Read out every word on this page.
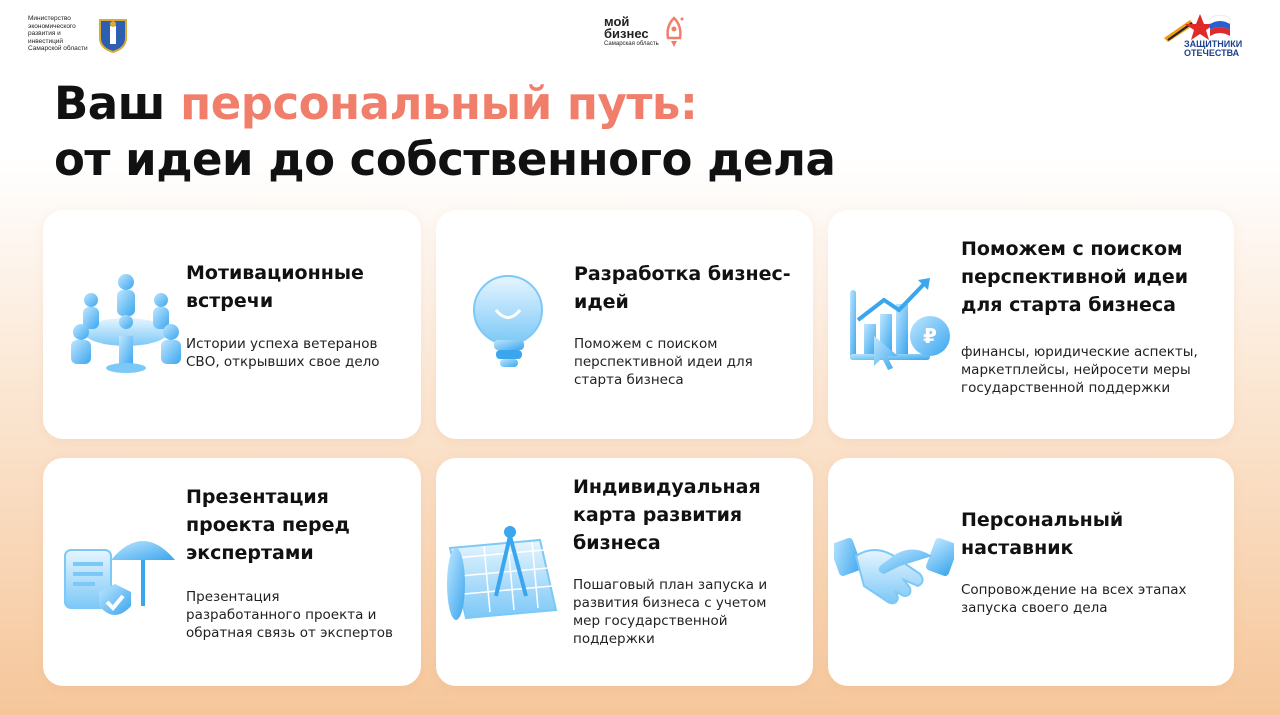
Министерство экономического развития и инвестиций Самарской области
мой
бизнес
Самарская область	ЗАЩИТНИКИ
ОТЕЧЕСТВА
Ваш персональный путь:
от идеи до собственного дела
Мотивационные встречи

Истории успеха ветеранов СВО, открывших свое дело

Разработка бизнес-идей

Поможем с поиском перспективной идеи для старта бизнеса

₽
Поможем с поиском перспективной идеи для старта бизнеса

финансы, юридические аспекты, маркетплейсы, нейросети меры государственной поддержки

Презентация проекта перед экспертами

Презентация разработанного проекта и обратная связь от экспертов

Индивидуальная карта развития бизнеса

Пошаговый план запуска и развития бизнеса с учетом мер государственной поддержки

Персональный наставник

Сопровождение на всех этапах запуска своего дела
